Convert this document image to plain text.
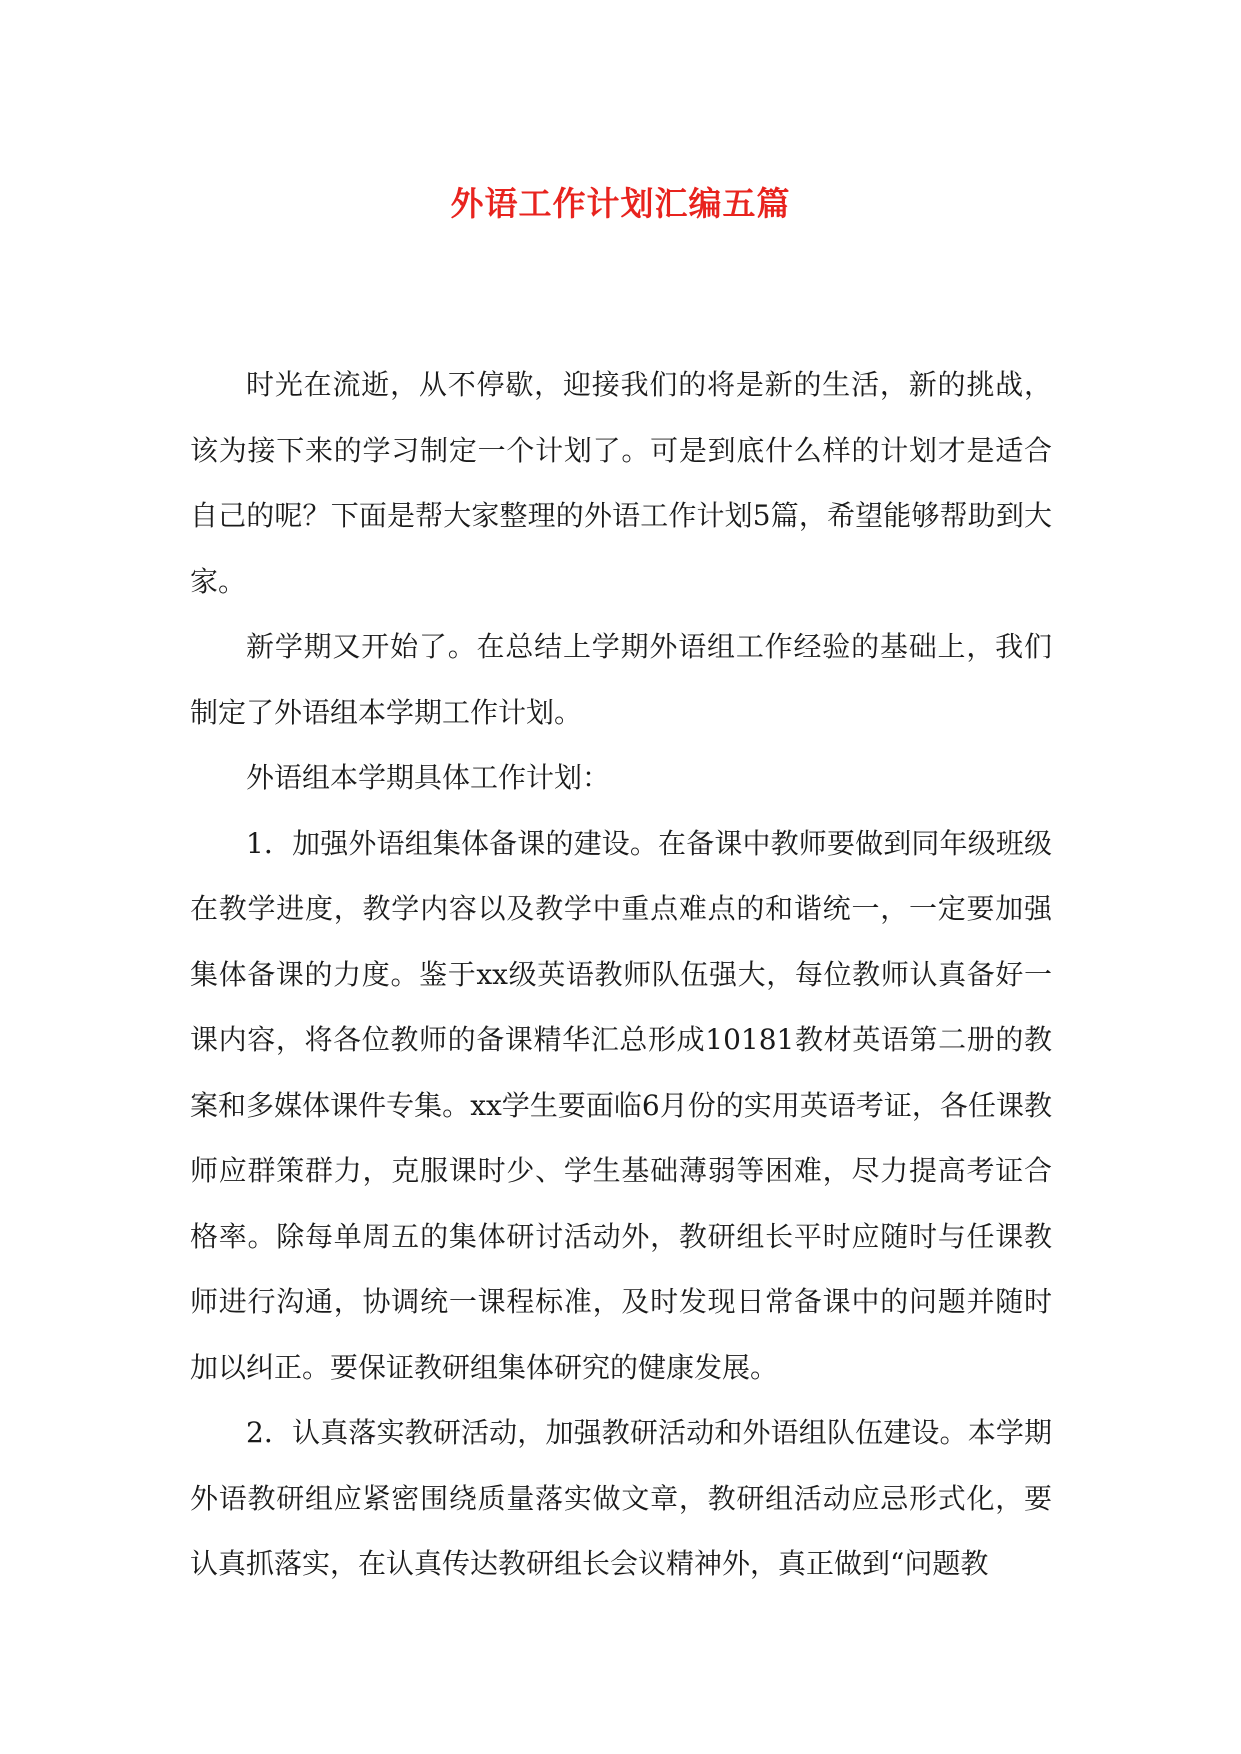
外语工作计划汇编五篇

时光在流逝，从不停歇，迎接我们的将是新的生活，新的挑战，该为接下来的学习制定一个计划了。可是到底什么样的计划才是适合自己的呢？下面是帮大家整理的外语工作计划5篇，希望能够帮助到大家。

新学期又开始了。在总结上学期外语组工作经验的基础上，我们制定了外语组本学期工作计划。

外语组本学期具体工作计划：

1．加强外语组集体备课的建设。在备课中教师要做到同年级班级在教学进度，教学内容以及教学中重点难点的和谐统一，一定要加强集体备课的力度。鉴于xx级英语教师队伍强大，每位教师认真备好一课内容，将各位教师的备课精华汇总形成10181教材英语第二册的教案和多媒体课件专集。xx学生要面临6月份的实用英语考证，各任课教师应群策群力，克服课时少、学生基础薄弱等困难，尽力提高考证合格率。除每单周五的集体研讨活动外，教研组长平时应随时与任课教师进行沟通，协调统一课程标准，及时发现日常备课中的问题并随时加以纠正。要保证教研组集体研究的健康发展。

2．认真落实教研活动，加强教研活动和外语组队伍建设。本学期外语教研组应紧密围绕质量落实做文章，教研组活动应忌形式化，要认真抓落实，在认真传达教研组长会议精神外，真正做到“问题教
